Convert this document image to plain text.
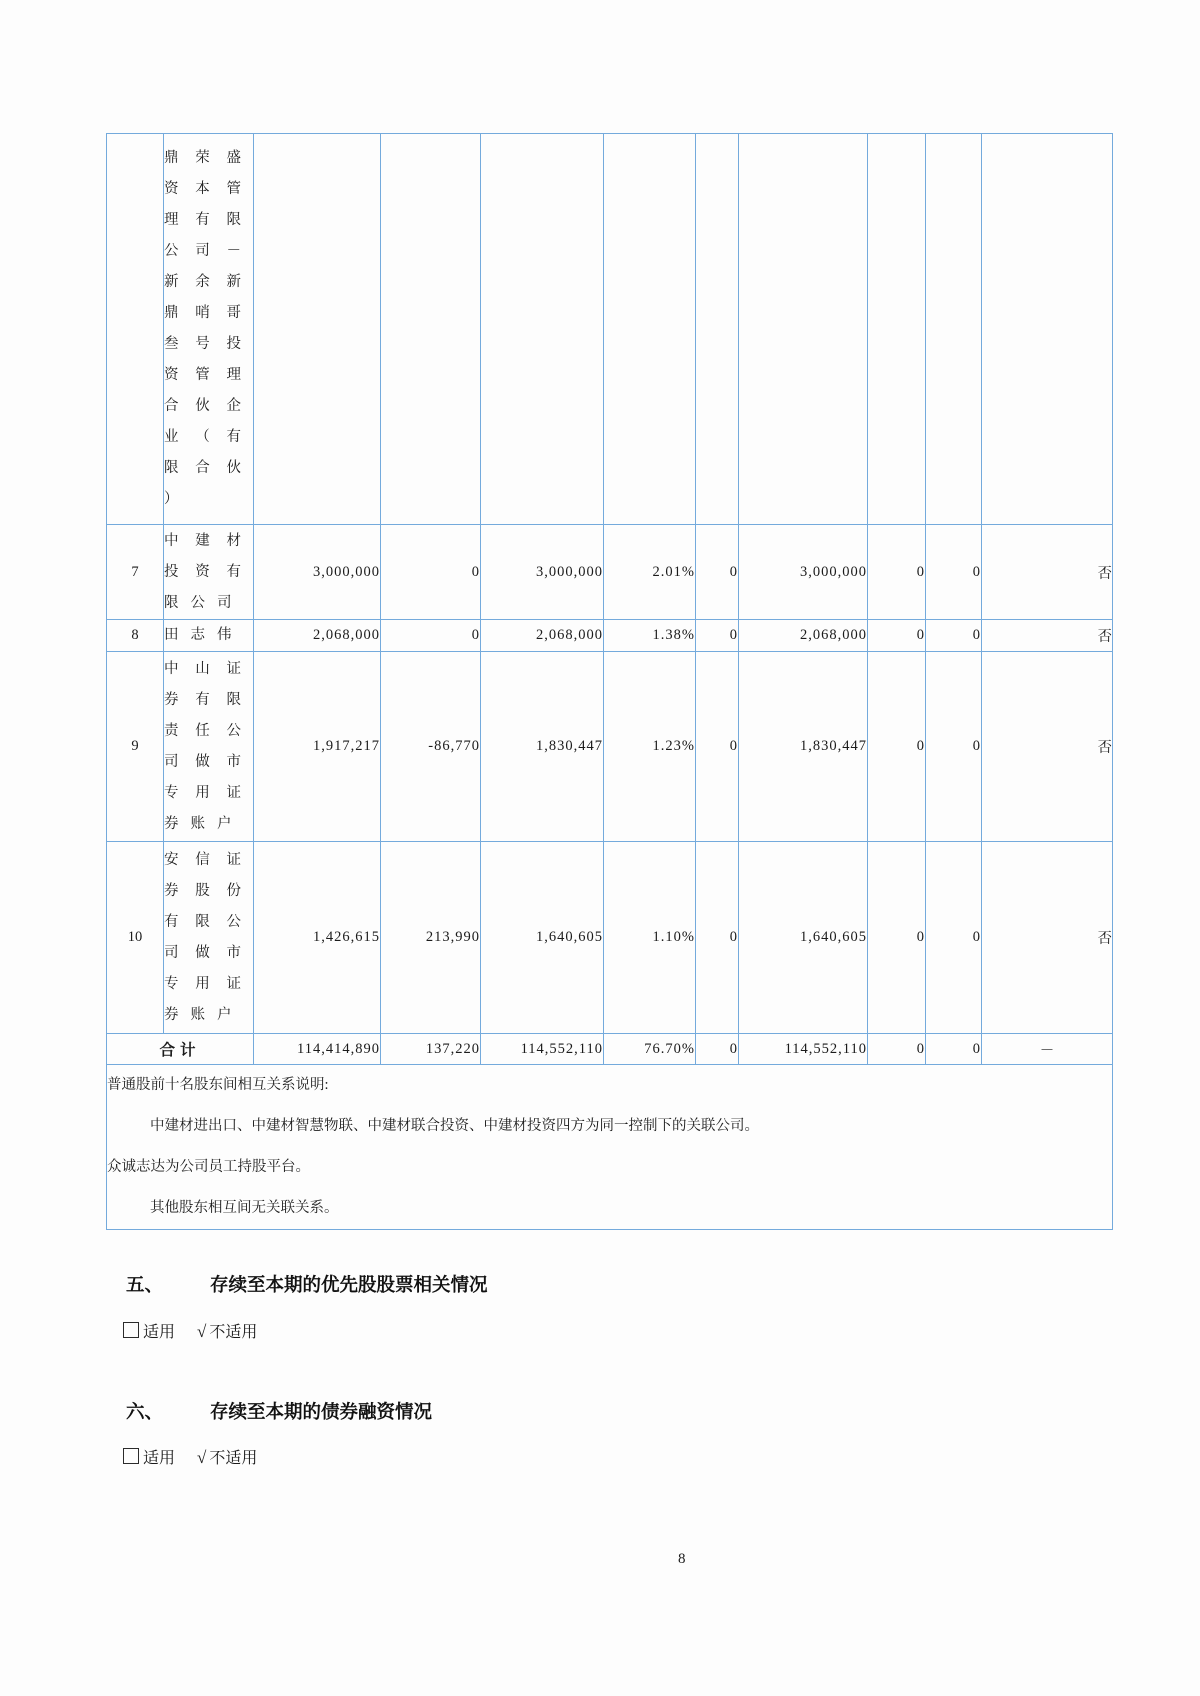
	鼎荣盛资本管理有限公司－新余新鼎哨哥叁号投资管理合伙企业（有限合伙）									
7	中建材投资有限公司	3,000,000	0	3,000,000	2.01%	0	3,000,000	0	0	否
8	田志伟	2,068,000	0	2,068,000	1.38%	0	2,068,000	0	0	否
9	中山证券有限责任公司做市专用证券账户	1,917,217	-86,770	1,830,447	1.23%	0	1,830,447	0	0	否
10	安信证券股份有限公司做市专用证券账户	1,426,615	213,990	1,640,605	1.10%	0	1,640,605	0	0	否
合计		114,414,890	137,220	114,552,110	76.70%	0	114,552,110	0	0	－

普通股前十名股东间相互关系说明:
中建材进出口、中建材智慧物联、中建材联合投资、中建材投资四方为同一控制下的关联公司。
众诚志达为公司员工持股平台。
其他股东相互间无关联关系。										
五、	存续至本期的优先股股票相关情况
适用 √ 不适用
六、	存续至本期的债券融资情况
适用 √ 不适用
8
